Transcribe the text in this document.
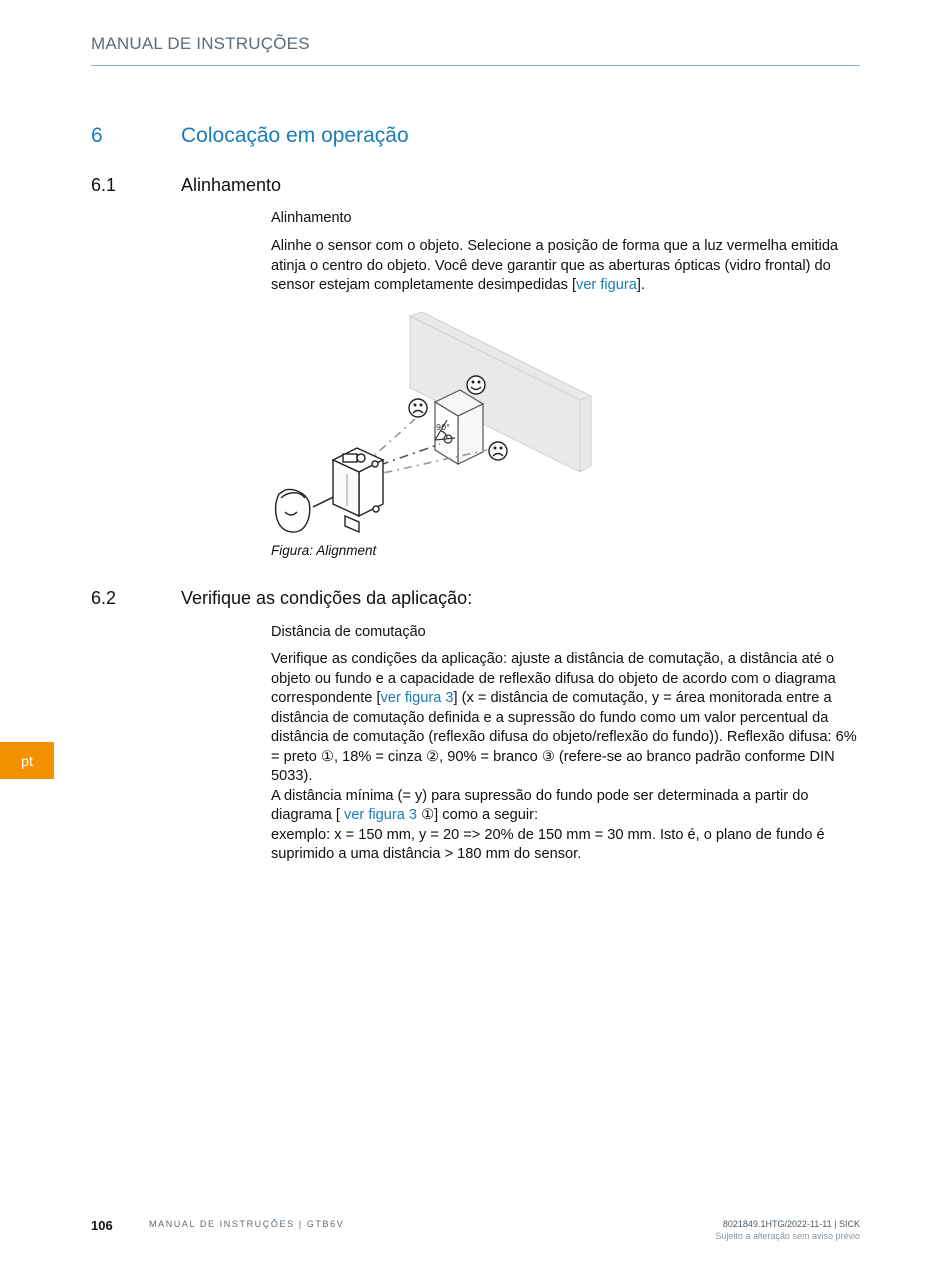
MANUAL DE INSTRUÇÕES
6	Colocação em operação
6.1	Alinhamento
Alinhamento

Alinhe o sensor com o objeto. Selecione a posição de forma que a luz vermelha emitida atinja o centro do objeto. Você deve garantir que as aberturas ópticas (vidro frontal) do sensor estejam completamente desimpedidas [ver figura].

90°
Figura: Alignment
6.2	Verifique as condições da aplicação:
Distância de comutação

Verifique as condições da aplicação: ajuste a distância de comutação, a distância até o objeto ou fundo e a capacidade de reflexão difusa do objeto de acordo com o diagrama correspondente [ver figura 3] (x = distância de comutação, y = área monitorada entre a distância de comutação definida e a supressão do fundo como um valor percentual da distância de comutação (reflexão difusa do objeto/reflexão do fundo)). Reflexão difusa: 6% = preto ①, 18% = cinza ②, 90% = branco ③ (refere-se ao branco padrão conforme DIN 5033).

A distância mínima (= y) para supressão do fundo pode ser determinada a partir do diagrama [ ver figura 3 ①] como a seguir:

exemplo: x = 150 mm, y = 20 => 20% de 150 mm = 30 mm. Isto é, o plano de fundo é suprimido a uma distância > 180 mm do sensor.

pt
106	MANUAL DE INSTRUÇÕES | GTB6V	8021849.1HTG/2022-11-11 | SICK
Sujeito a alteração sem aviso prévio
